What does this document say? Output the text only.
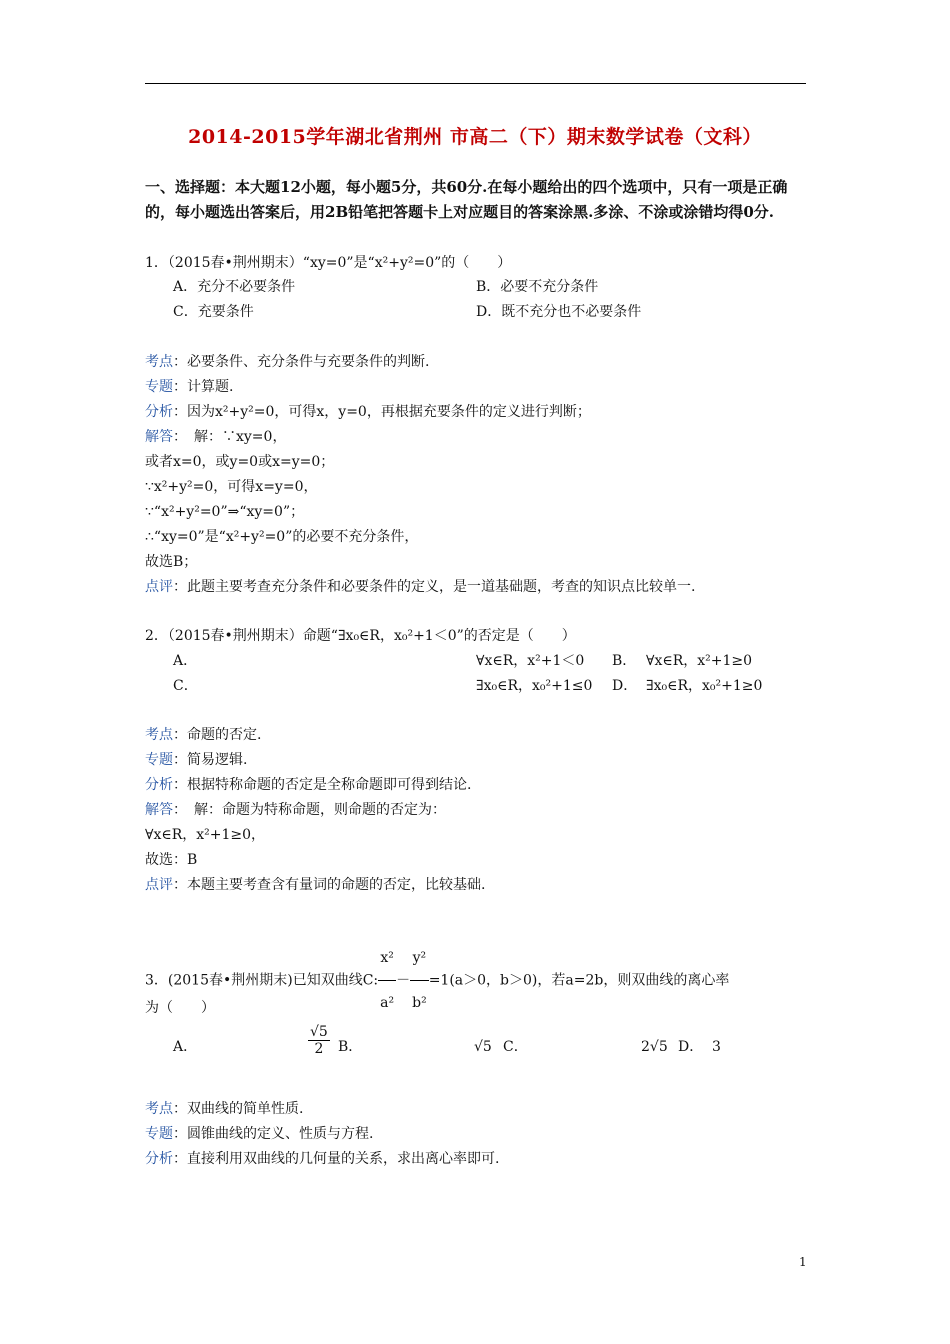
2014-2015学年湖北省荆州 市高二（下）期末数学试卷（文科）
一、选择题：本大题12小题，每小题5分，共60分.在每小题给出的四个选项中，只有一项是正确的，每小题选出答案后，用2B铅笔把答题卡上对应题目的答案涂黑.多涂、不涂或涂错均得0分.
1．（2015春•荆州期末）“xy=0”是“x²+y²=0”的（　　）
A．充分不必要条件	B．必要不充分条件
C．充要条件	D．既不充分也不必要条件
考点：必要条件、充分条件与充要条件的判断.
专题：计算题.
分析：因为x²+y²=0，可得x，y=0，再根据充要条件的定义进行判断；
解答：　解：∵xy=0，
或者x=0，或y=0或x=y=0；
∵x²+y²=0，可得x=y=0，
∵“x²+y²=0”⇒“xy=0”；
∴“xy=0”是“x²+y²=0”的必要不充分条件，
故选B；
点评：此题主要考查充分条件和必要条件的定义，是一道基础题，考查的知识点比较单一.
2．（2015春•荆州期末）命题“∃x₀∈R，x₀²+1＜0”的否定是（　　）
A．	∀x∈R，x²+1＜0 B． ∀x∈R，x²+1≥0
C．	∃x₀∈R，x₀²+1≤0 D． ∃x₀∈R，x₀²+1≥0
考点：命题的否定.
专题：简易逻辑.
分析：根据特称命题的否定是全称命题即可得到结论.
解答：　解：命题为特称命题，则命题的否定为：
∀x∈R，x²+1≥0，
故选：B
点评：本题主要考查含有量词的命题的否定，比较基础.
3．(2015春•荆州期末)已知双曲线C: $\frac{\text{x²}}{\text{a²}} - \frac{\text{y²}}{\text{b²}} =1(a>0$，b＞0)，若a=2b，则双曲线的离心率
为（　　）
A．	$\frac{√5}{2}$ B．	√5 C．	2√5 D． 3
考点：双曲线的简单性质.
专题：圆锥曲线的定义、性质与方程.
分析：直接利用双曲线的几何量的关系，求出离心率即可.
1
